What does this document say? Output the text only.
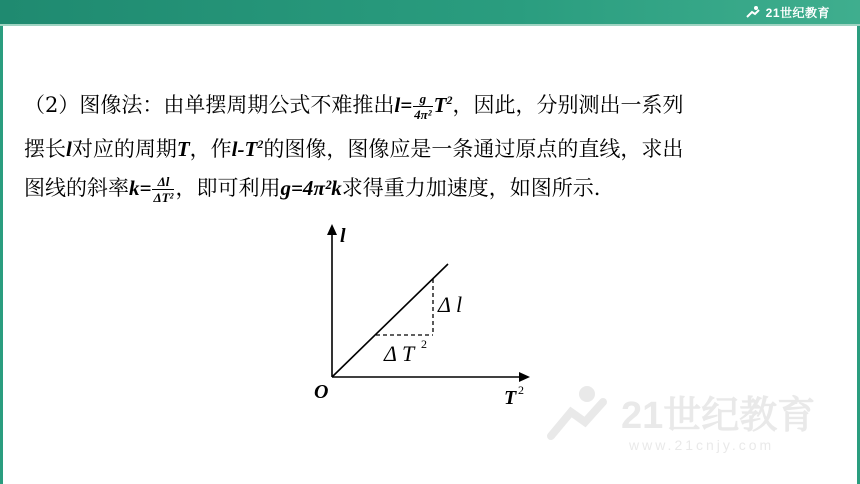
21世纪教育
（2）图像法：由单摆周期公式不难推出$l= \frac{g}{\text{4π²}} T^2$，因此，分别测出一系列
摆长l对应的周期T，作$l-T^2$的图像，图像应是一条通过原点的直线，求出
图线的斜率$k= \frac{\Delta l}{\text{ΔT²}}$ ，即可利用g=4π²k求得重力加速度，如图所示.
l
O	T 2
Δ l
Δ T 2
21世纪教育
www.21cnjy.com
